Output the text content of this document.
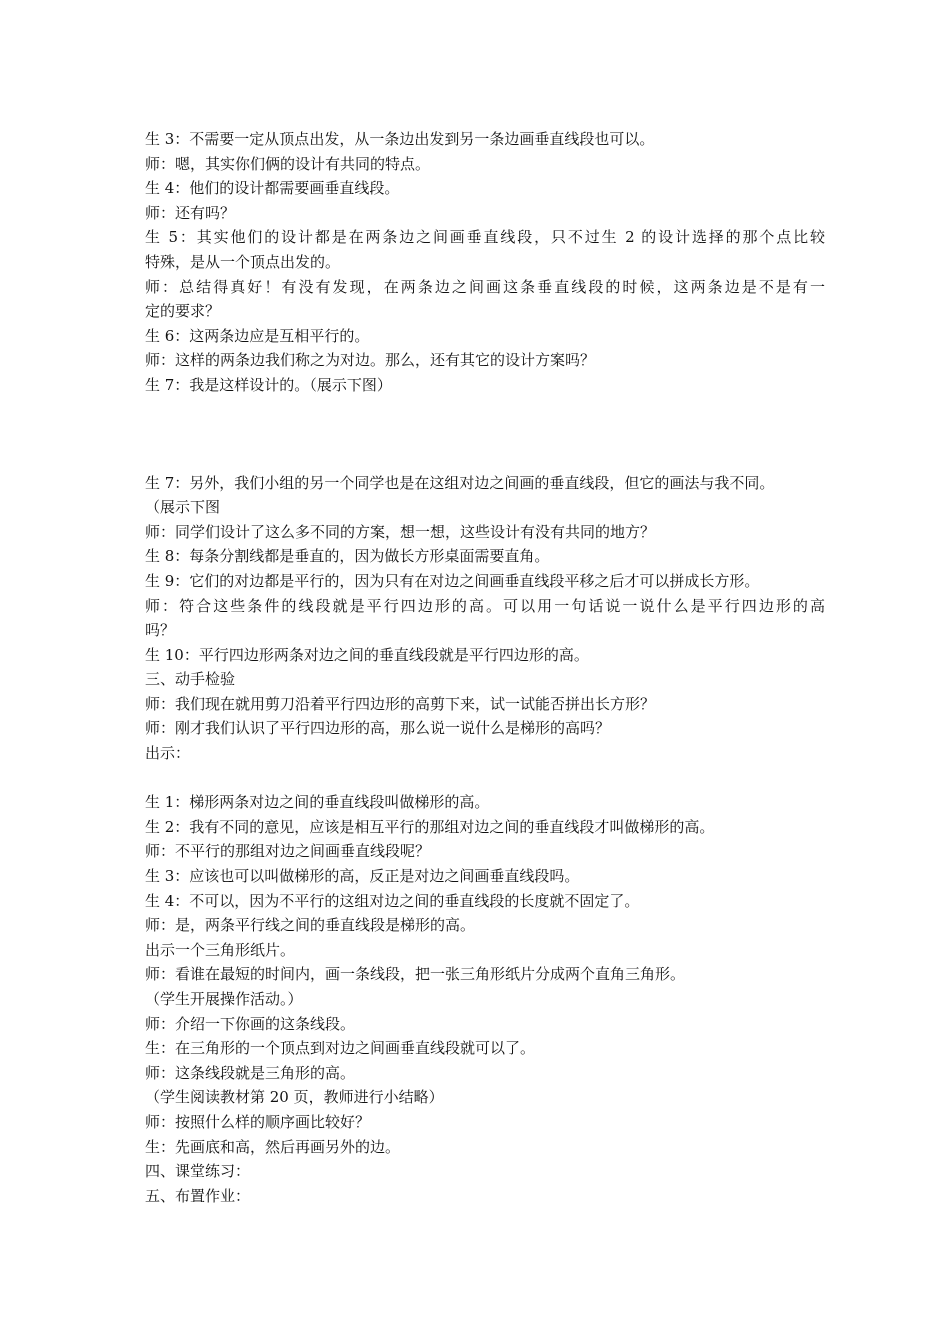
生 3：不需要一定从顶点出发，从一条边出发到另一条边画垂直线段也可以。
师：嗯，其实你们俩的设计有共同的特点。
生 4：他们的设计都需要画垂直线段。
师：还有吗？
生 5：其实他们的设计都是在两条边之间画垂直线段，只不过生 2 的设计选择的那个点比较
特殊，是从一个顶点出发的。
师：总结得真好！有没有发现，在两条边之间画这条垂直线段的时候，这两条边是不是有一
定的要求？
生 6：这两条边应是互相平行的。
师：这样的两条边我们称之为对边。那么，还有其它的设计方案吗？
生 7：我是这样设计的。（展示下图）
生 7：另外，我们小组的另一个同学也是在这组对边之间画的垂直线段，但它的画法与我不同。
（展示下图
师：同学们设计了这么多不同的方案，想一想，这些设计有没有共同的地方？
生 8：每条分割线都是垂直的，因为做长方形桌面需要直角。
生 9：它们的对边都是平行的，因为只有在对边之间画垂直线段平移之后才可以拼成长方形。
师：符合这些条件的线段就是平行四边形的高。可以用一句话说一说什么是平行四边形的高
吗？
生 10：平行四边形两条对边之间的垂直线段就是平行四边形的高。
三、动手检验
师：我们现在就用剪刀沿着平行四边形的高剪下来，试一试能否拼出长方形？
师：刚才我们认识了平行四边形的高，那么说一说什么是梯形的高吗？
出示：
生 1：梯形两条对边之间的垂直线段叫做梯形的高。
生 2：我有不同的意见，应该是相互平行的那组对边之间的垂直线段才叫做梯形的高。
师：不平行的那组对边之间画垂直线段呢？
生 3：应该也可以叫做梯形的高，反正是对边之间画垂直线段吗。
生 4：不可以，因为不平行的这组对边之间的垂直线段的长度就不固定了。
师：是，两条平行线之间的垂直线段是梯形的高。
出示一个三角形纸片。
师：看谁在最短的时间内，画一条线段，把一张三角形纸片分成两个直角三角形。
（学生开展操作活动。）
师：介绍一下你画的这条线段。
生：在三角形的一个顶点到对边之间画垂直线段就可以了。
师：这条线段就是三角形的高。
（学生阅读教材第 20 页，教师进行小结略）
师：按照什么样的顺序画比较好？
生：先画底和高，然后再画另外的边。
四、课堂练习：
五、布置作业：
